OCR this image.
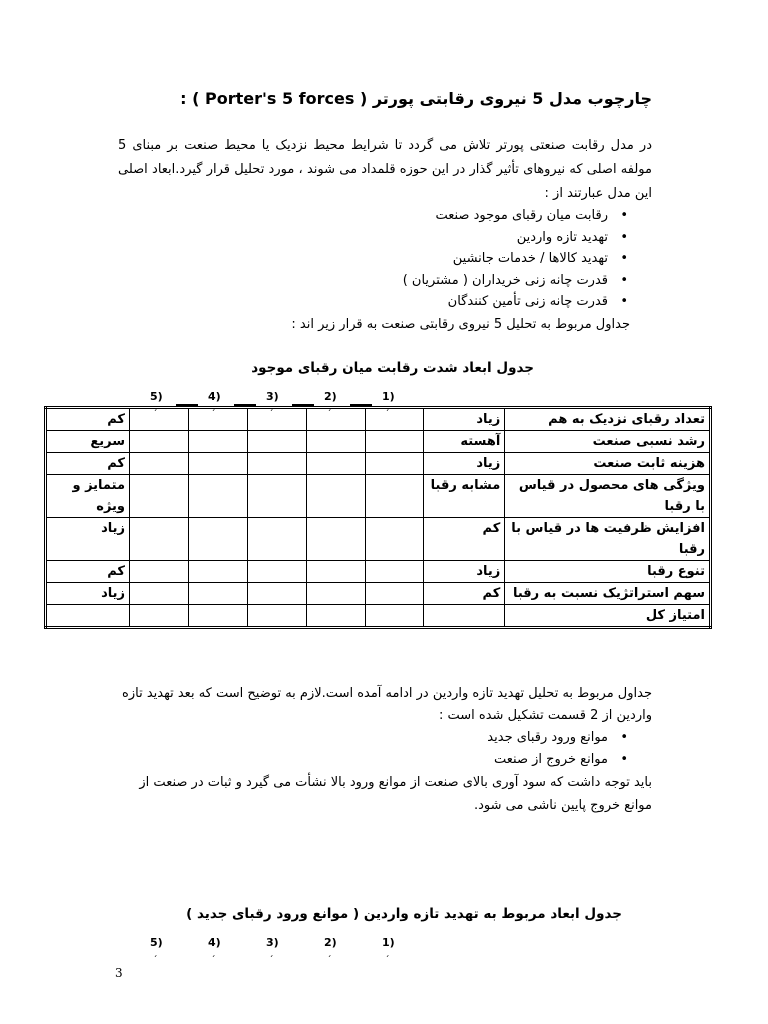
چارچوب مدل 5 نیروی رقابتی پورتر ( Porter's 5 forces ) :
در مدل رقابت صنعتی پورتر تلاش می گردد تا شرایط محیط نزدیک یا محیط صنعت بر مبنای 5 مولفه اصلی که نیروهای تأثیر گذار در این حوزه قلمداد می شوند ، مورد تحلیل قرار گیرد.ابعاد اصلی این مدل عبارتند از :
• رقابت میان رقبای موجود صنعت
• تهدید تازه واردین
• تهدید کالاها / خدمات جانشین
• قدرت چانه زنی خریداران ( مشتریان )
• قدرت چانه زنی تأمین کنندگان
جداول مربوط به تحلیل 5 نیروی رقابتی صنعت به قرار زیر اند :
جدول ابعاد شدت رقابت میان رقبای موجود
1)
2)
3)
4)
5)
ˏ
ˏ
ˏ
ˏ
ˏ
تعداد رقبای نزدیک به هم	زیاد						کم
رشد نسبی صنعت	آهسته						سریع
هزینه ثابت صنعت	زیاد						کم
ویژگی های محصول در قیاس با رقبا	مشابه رقبا						متمایز و ویژه
افزایش ظرفیت ها در قیاس با رقبا	کم						زیاد
تنوع رقبا	زیاد						کم
سهم استراتژیک نسبت به رقبا	کم						زیاد
امتیاز کل							
جداول مربوط به تحلیل تهدید تازه واردین در ادامه آمده است.لازم به توضیح است که بعد تهدید تازه واردین از 2 قسمت تشکیل شده است :
• موانع ورود رقبای جدید
• موانع خروج از صنعت
باید توجه داشت که سود آوری بالای صنعت از موانع ورود بالا نشأت می گیرد و ثبات در صنعت از موانع خروج پایین ناشی می شود.
جدول ابعاد مربوط به تهدید تازه واردین ( موانع ورود رقبای جدید )
1)
2)
3)
4)
5)
ˏ
ˏ
ˏ
ˏ
ˏ
3
